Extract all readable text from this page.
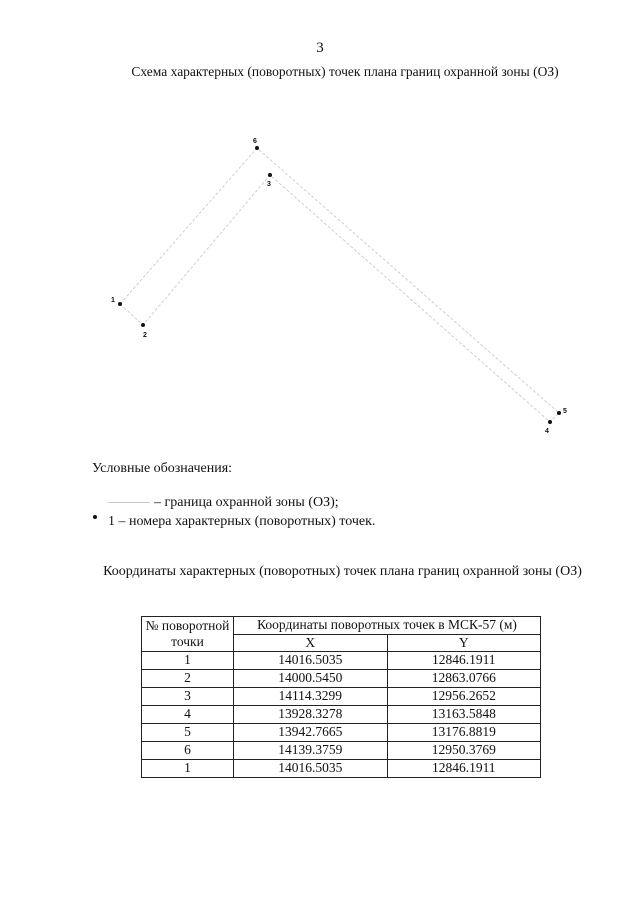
3
Схема характерных (поворотных) точек плана границ охранной зоны (ОЗ)
1
2
3
4
5
6
Условные обозначения:
– граница охранной зоны (ОЗ);
1 – номера характерных (поворотных) точек.
Координаты характерных (поворотных) точек плана границ охранной зоны (ОЗ)
№ поворотной точки	Координаты поворотных точек в МСК-57 (м)	
	X	Y
1	14016.5035	12846.1911
2	14000.5450	12863.0766
3	14114.3299	12956.2652
4	13928.3278	13163.5848
5	13942.7665	13176.8819
6	14139.3759	12950.3769
1	14016.5035	12846.1911
